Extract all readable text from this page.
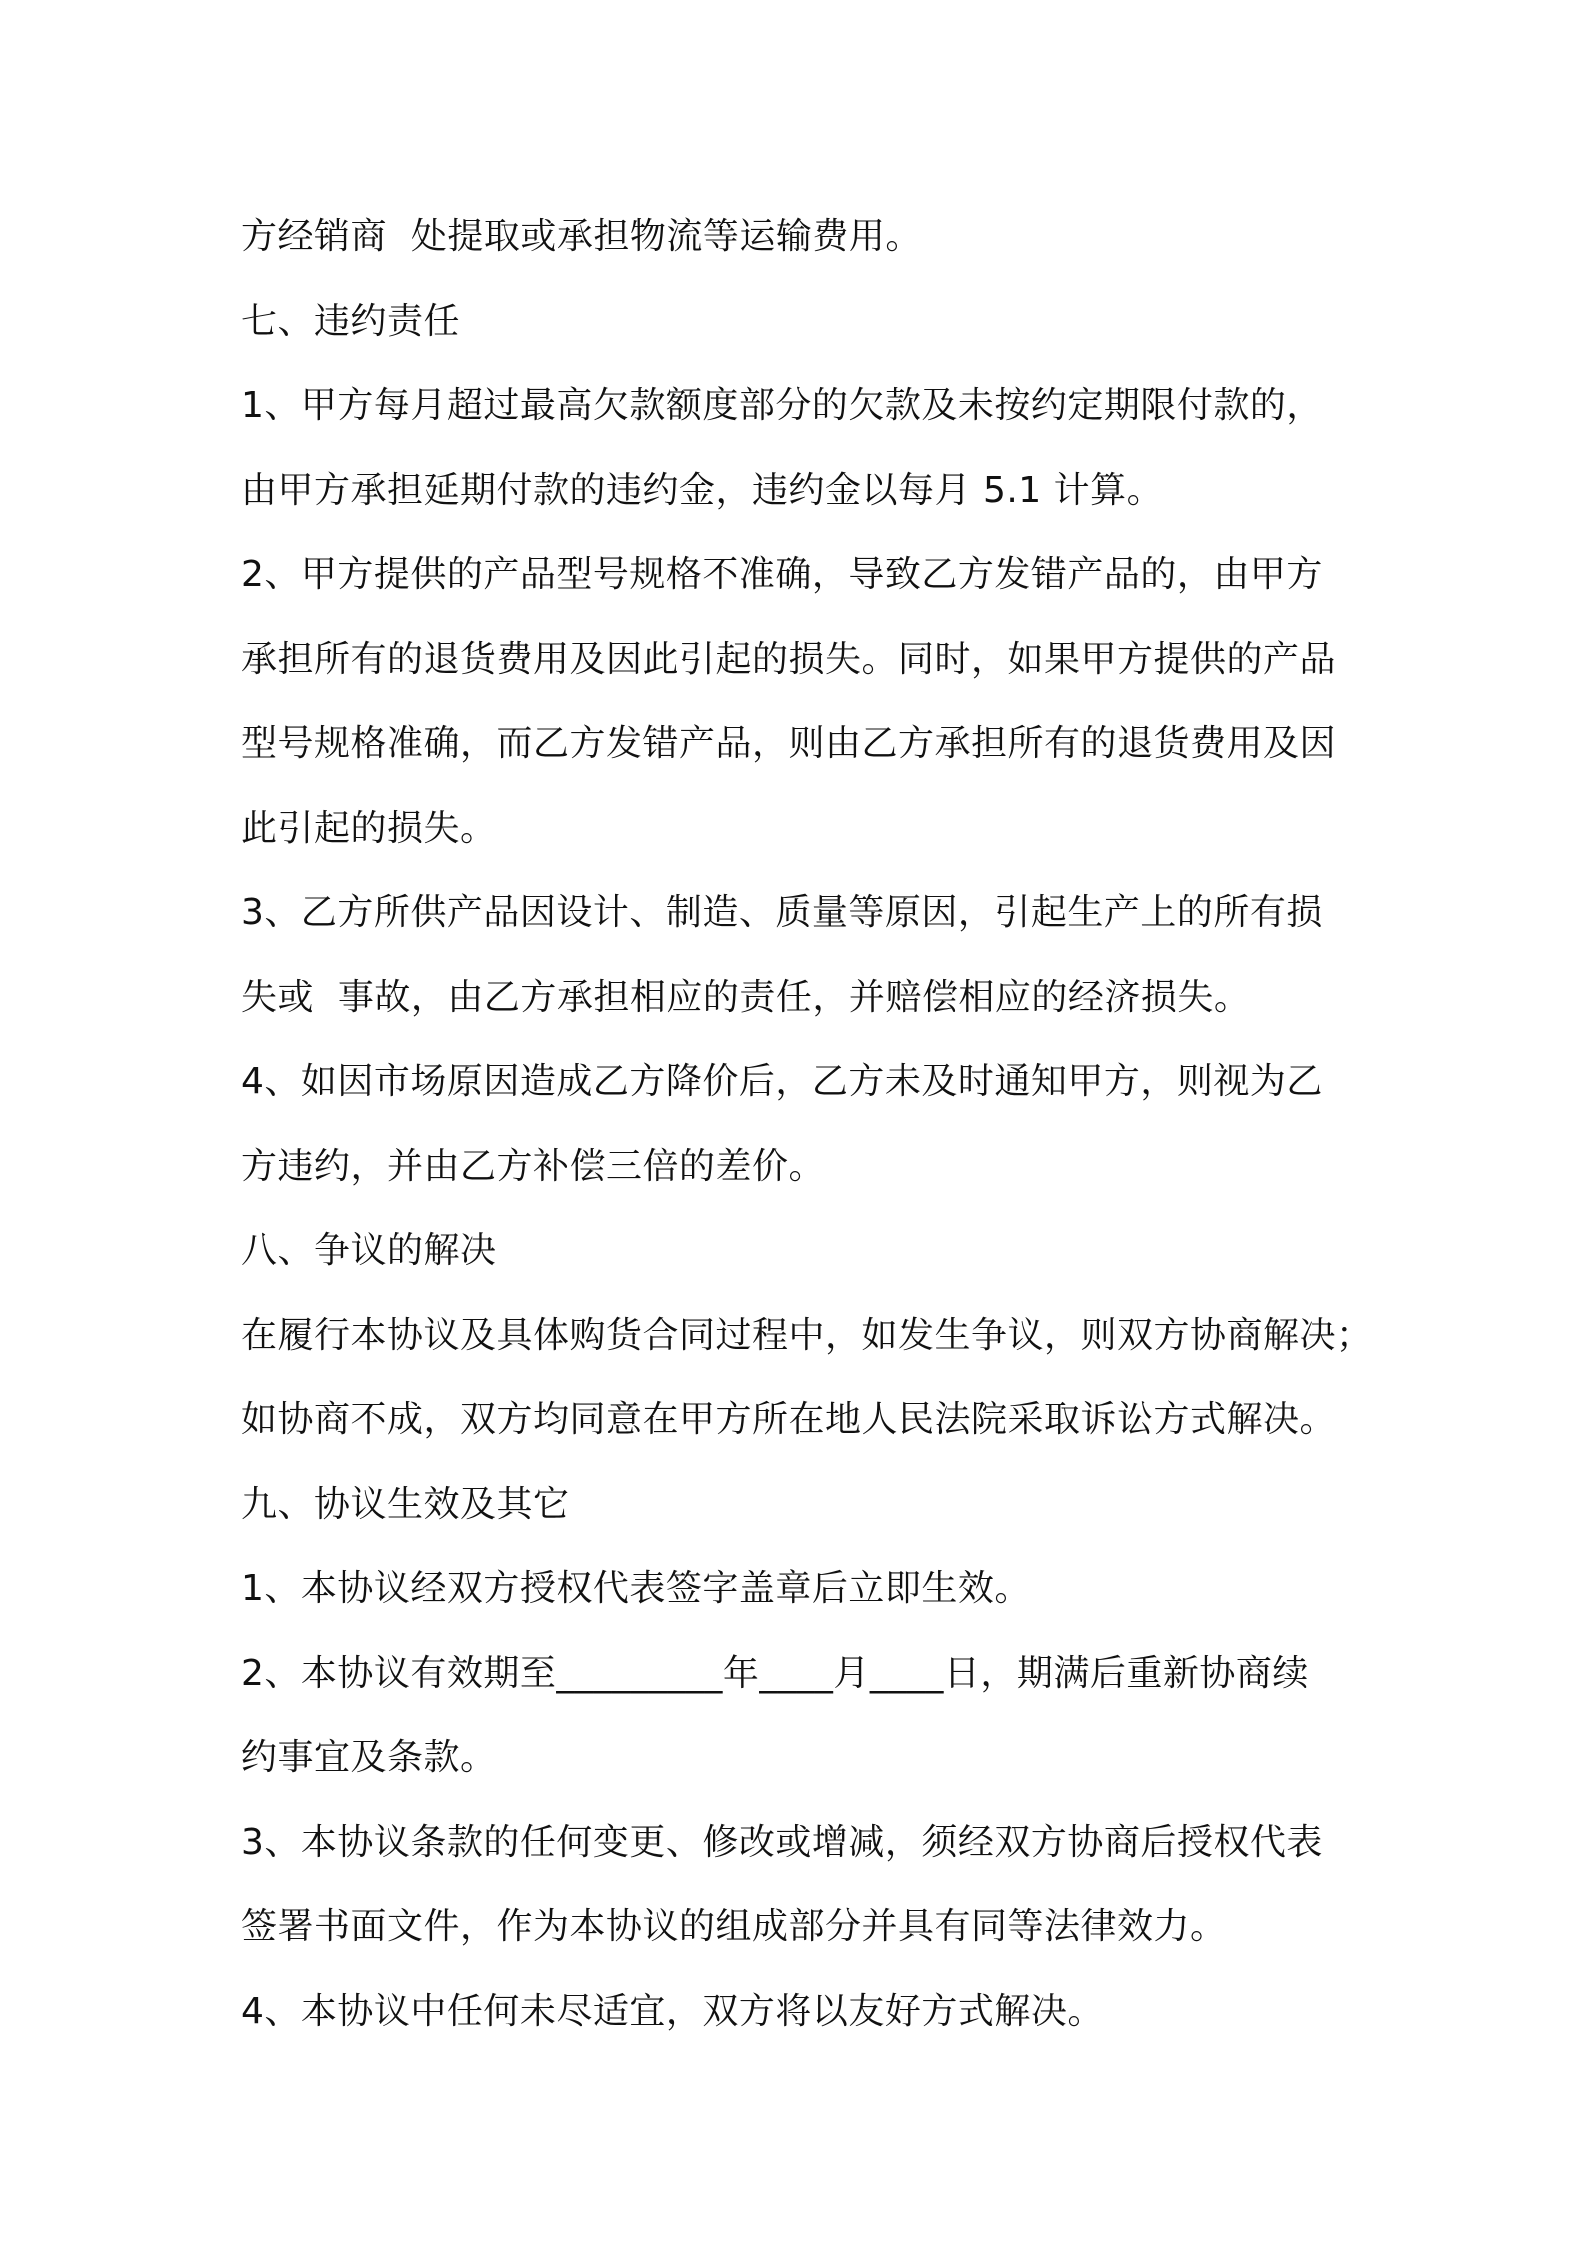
方经销商  处提取或承担物流等运输费用。
七、违约责任
1、甲方每月超过最高欠款额度部分的欠款及未按约定期限付款的，
由甲方承担延期付款的违约金，违约金以每月 5.1 计算。
2、甲方提供的产品型号规格不准确，导致乙方发错产品的，由甲方
承担所有的退货费用及因此引起的损失。同时，如果甲方提供的产品
型号规格准确，而乙方发错产品，则由乙方承担所有的退货费用及因
此引起的损失。
3、乙方所供产品因设计、制造、质量等原因，引起生产上的所有损
失或  事故，由乙方承担相应的责任，并赔偿相应的经济损失。
4、如因市场原因造成乙方降价后，乙方未及时通知甲方，则视为乙
方违约，并由乙方补偿三倍的差价。
八、争议的解决
在履行本协议及具体购货合同过程中，如发生争议，则双方协商解决；
如协商不成，双方均同意在甲方所在地人民法院采取诉讼方式解决。
九、协议生效及其它
1、本协议经双方授权代表签字盖章后立即生效。
2、本协议有效期至_________年____月____日，期满后重新协商续
约事宜及条款。
3、本协议条款的任何变更、修改或增减，须经双方协商后授权代表
签署书面文件，作为本协议的组成部分并具有同等法律效力。
4、本协议中任何未尽适宜，双方将以友好方式解决。
